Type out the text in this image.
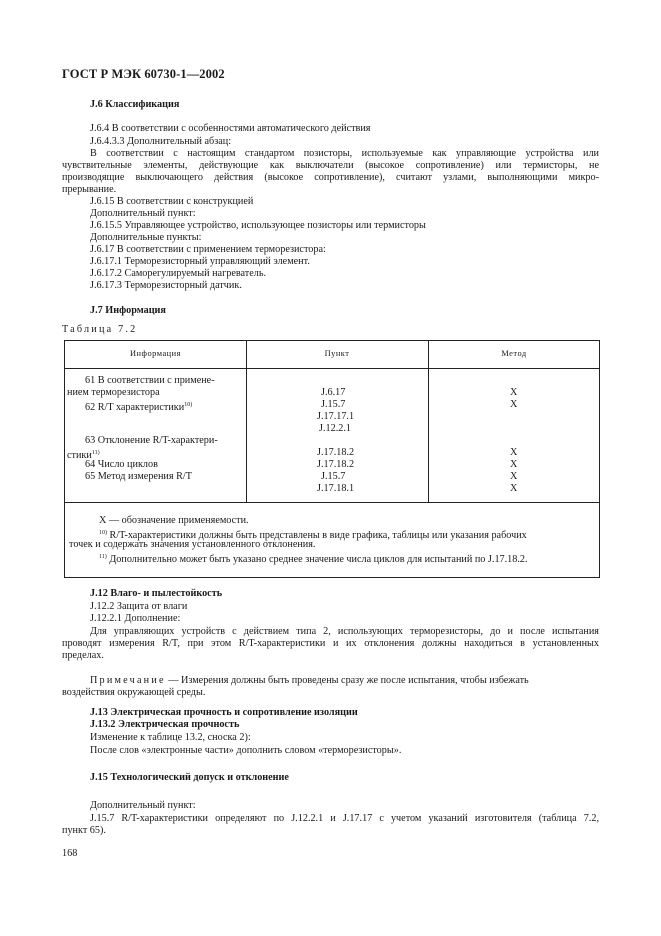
ГОСТ Р МЭК 60730-1—2002
J.6 Классификация
J.6.4 В соответствии с особенностями автоматического действия
J.6.4.3.3 Дополнительный абзац:
В соответствии с настоящим стандартом позисторы, используемые как управляющие устройства или
чувствительные элементы, действующие как выключатели (высокое сопротивление) или термисторы, не
производящие выключающего действия (высокое сопротивление), считают узлами, выполняющими микро-
прерывание.
J.6.15 В соответствии с конструкцией
Дополнительный пункт:
J.6.15.5 Управляющее устройство, использующее позисторы или термисторы
Дополнительные пункты:
J.6.17 В соответствии с применением терморезистора:
J.6.17.1 Терморезисторный управляющий элемент.
J.6.17.2 Саморегулируемый нагреватель.
J.6.17.3 Терморезисторный датчик.
J.7 Информация
Таблица 7.2
Информация	Пункт	Метод
61 В соответствии с примене-
нием терморезистора
62 R/T характеристики$^{10)}$
63 Отклонение R/T-характери-
стики$^{11)}$
64 Число циклов
65 Метод измерения R/T
J.6.17
J.15.7
J.17.17.1
J.12.2.1
J.17.18.2
J.17.18.2
J.15.7
J.17.18.1
X
X
X
X
X
X
X — обозначение применяемости.
$^{10)}$ R/T-характеристики должны быть представлены в виде графика, таблицы или указания рабочих
точек и содержать значения установленного отклонения.
$^{11)}$ Дополнительно может быть указано среднее значение числа циклов для испытаний по J.17.18.2.
J.12 Влаго- и пылестойкость
J.12.2 Защита от влаги
J.12.2.1 Дополнение:
Для управляющих устройств с действием типа 2, использующих терморезисторы, до и после испытания
проводят измерения R/T, при этом R/T-характеристики и их отклонения должны находиться в установленных
пределах.
Примечание — Измерения должны быть проведены сразу же после испытания, чтобы избежать
воздействия окружающей среды.
J.13 Электрическая прочность и сопротивление изоляции
J.13.2 Электрическая прочность
Изменение к таблице 13.2, сноска 2):
После слов «электронные части» дополнить словом «терморезисторы».
J.15 Технологический допуск и отклонение
Дополнительный пункт:
J.15.7 R/T-характеристики определяют по J.12.2.1 и J.17.17 с учетом указаний изготовителя (таблица 7.2,
пункт 65).
168
